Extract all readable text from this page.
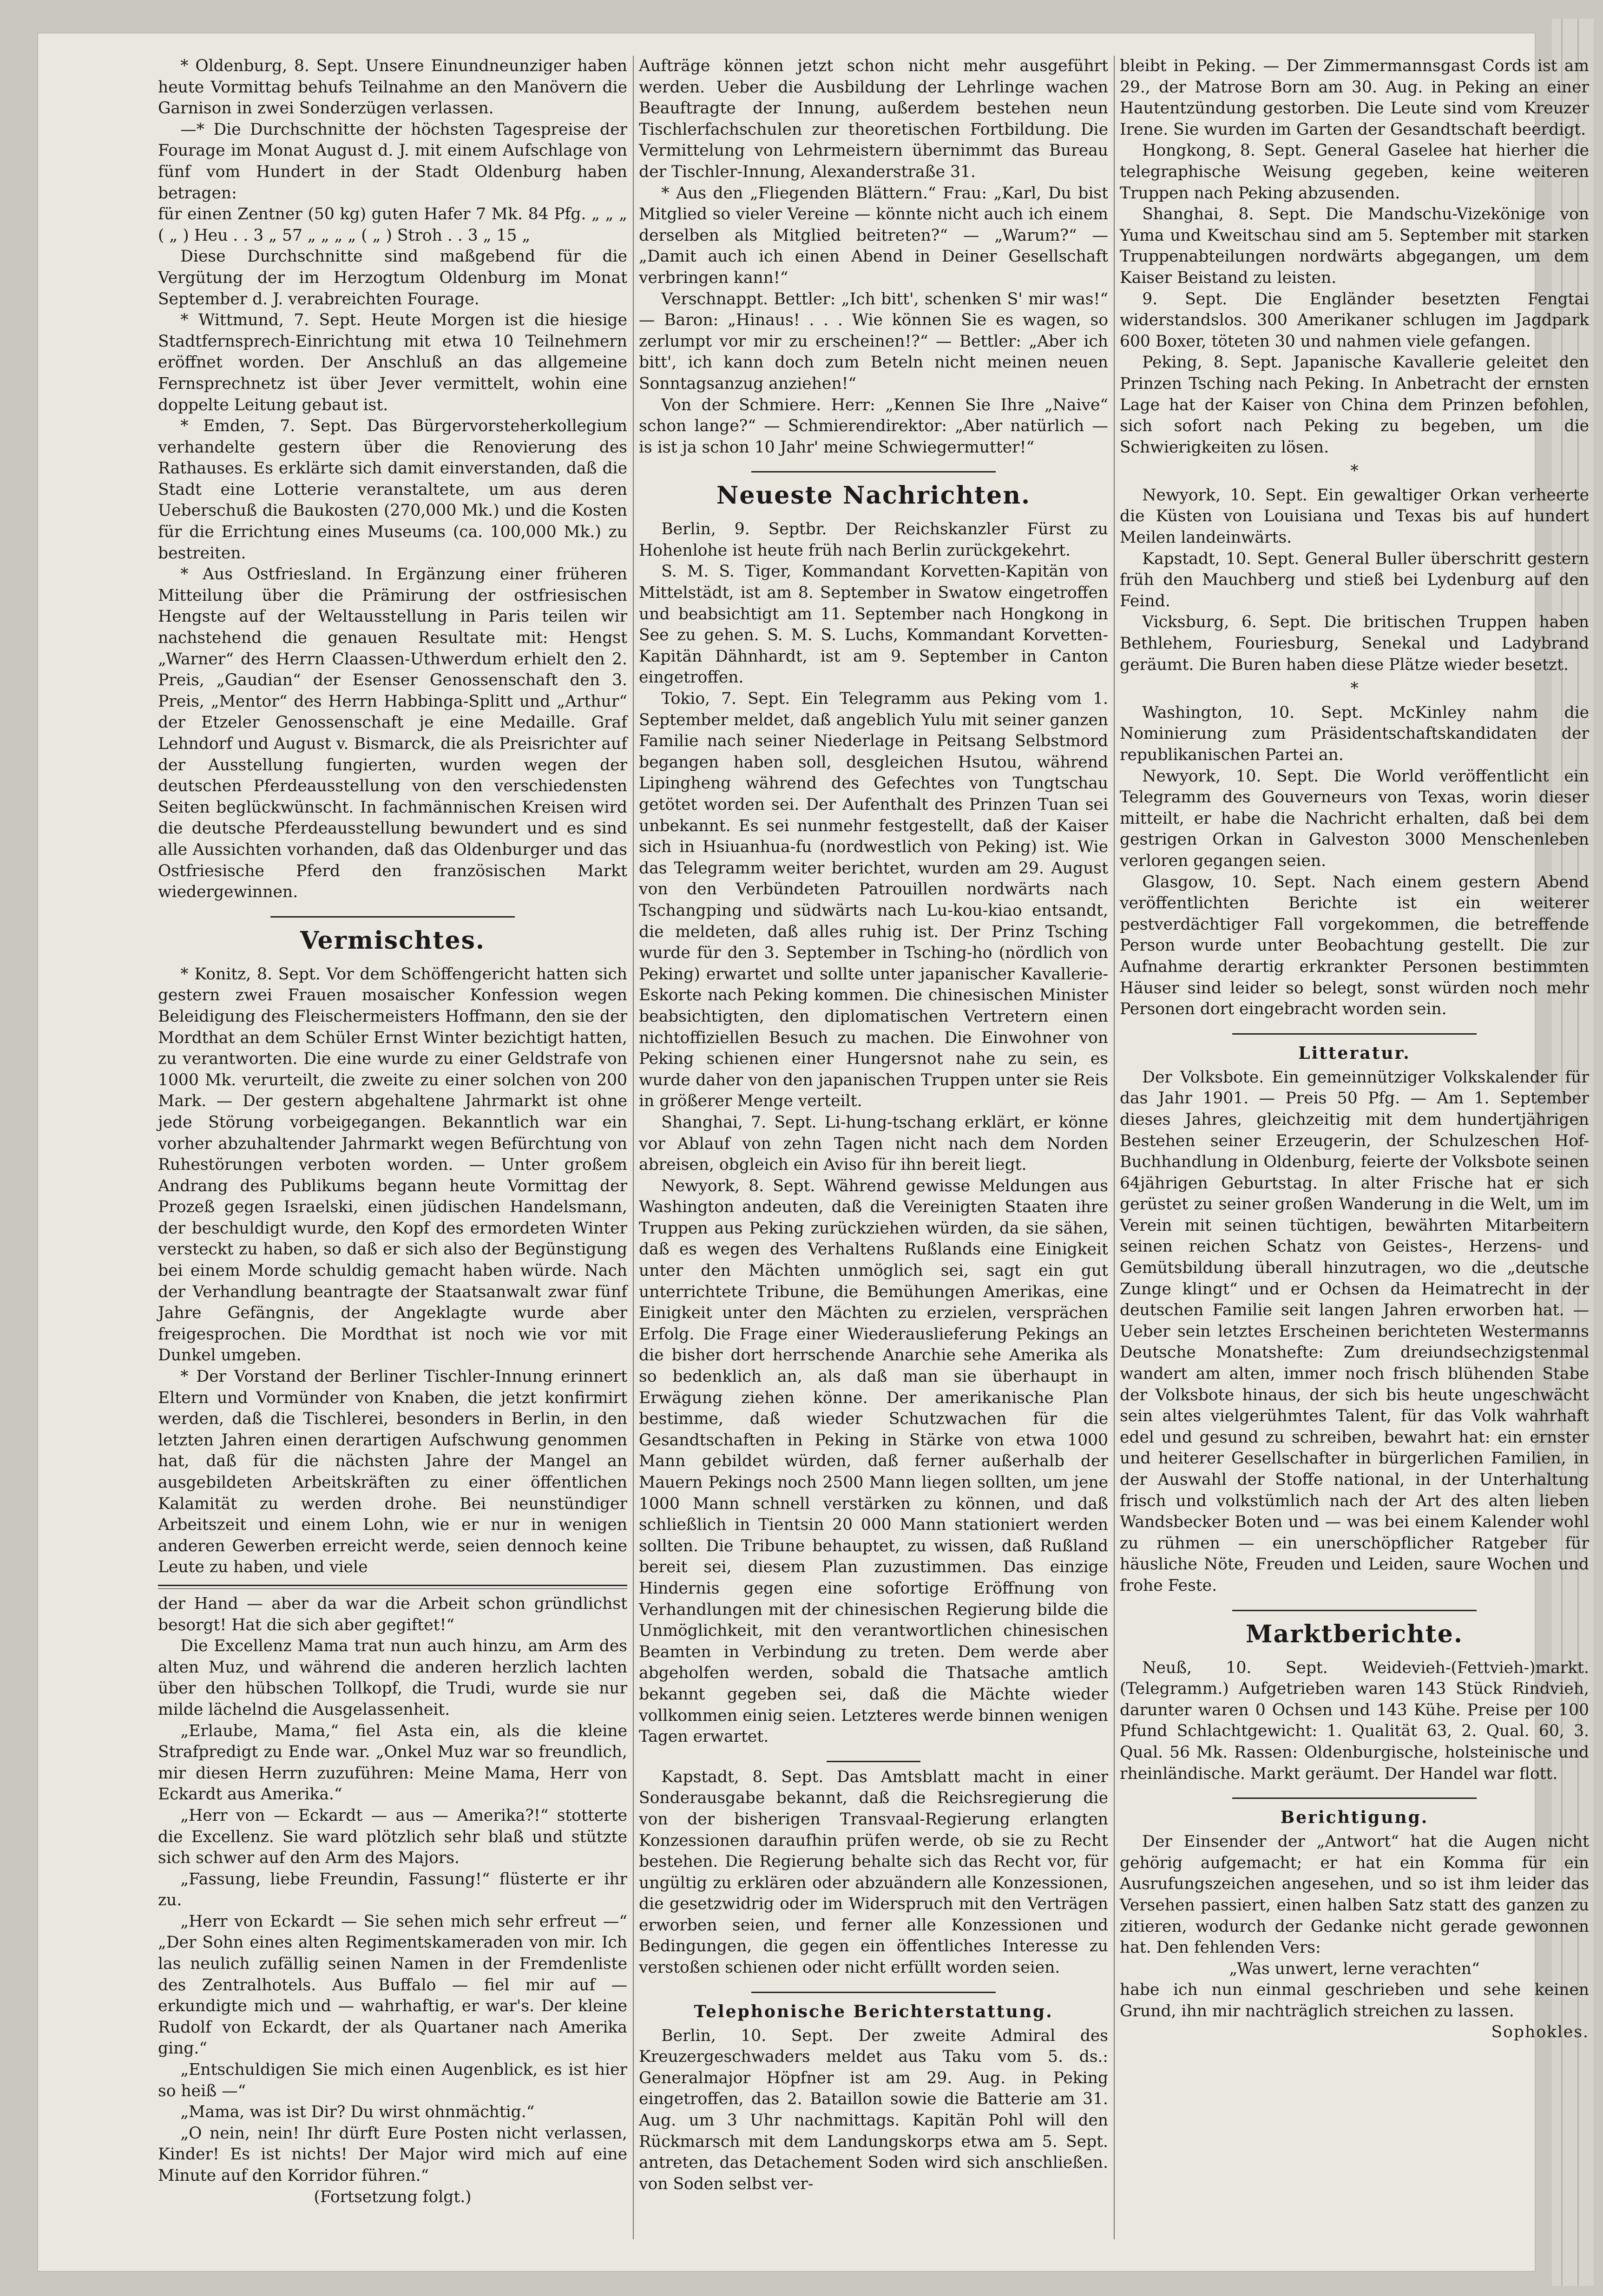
* Oldenburg, 8. Sept. Unsere Einundneunziger haben heute Vormittag behufs Teilnahme an den Manövern die Garnison in zwei Sonderzügen verlassen.

—* Die Durchschnitte der höchsten Tagespreise der Fourage im Monat August d. J. mit einem Aufschlage von fünf vom Hundert in der Stadt Oldenburg haben betragen:

für einen Zentner (50 kg) guten Hafer 7 Mk. 84 Pfg. „ „ „ ( „ ) Heu . . 3 „ 57 „ „ „ „ ( „ ) Stroh . . 3 „ 15 „

Diese Durchschnitte sind maßgebend für die Vergütung der im Herzogtum Oldenburg im Monat September d. J. verabreichten Fourage.

* Wittmund, 7. Sept. Heute Morgen ist die hiesige Stadtfernsprech-Einrichtung mit etwa 10 Teilnehmern eröffnet worden. Der Anschluß an das allgemeine Fernsprechnetz ist über Jever vermittelt, wohin eine doppelte Leitung gebaut ist.

* Emden, 7. Sept. Das Bürgervorsteherkollegium verhandelte gestern über die Renovierung des Rathauses. Es erklärte sich damit einverstanden, daß die Stadt eine Lotterie veranstaltete, um aus deren Ueberschuß die Baukosten (270,000 Mk.) und die Kosten für die Errichtung eines Museums (ca. 100,000 Mk.) zu bestreiten.

* Aus Ostfriesland. In Ergänzung einer früheren Mitteilung über die Prämirung der ostfriesischen Hengste auf der Weltausstellung in Paris teilen wir nachstehend die genauen Resultate mit: Hengst „Warner“ des Herrn Claassen-Uthwerdum erhielt den 2. Preis, „Gaudian“ der Esenser Genossenschaft den 3. Preis, „Mentor“ des Herrn Habbinga-Splitt und „Arthur“ der Etzeler Genossenschaft je eine Medaille. Graf Lehndorf und August v. Bismarck, die als Preisrichter auf der Ausstellung fungierten, wurden wegen der deutschen Pferdeausstellung von den verschiedensten Seiten beglückwünscht. In fachmännischen Kreisen wird die deutsche Pferdeausstellung bewundert und es sind alle Aussichten vorhanden, daß das Oldenburger und das Ostfriesische Pferd den französischen Markt wiedergewinnen.

Vermischtes.

* Konitz, 8. Sept. Vor dem Schöffengericht hatten sich gestern zwei Frauen mosaischer Konfession wegen Beleidigung des Fleischermeisters Hoffmann, den sie der Mordthat an dem Schüler Ernst Winter bezichtigt hatten, zu verantworten. Die eine wurde zu einer Geldstrafe von 1000 Mk. verurteilt, die zweite zu einer solchen von 200 Mark. — Der gestern abgehaltene Jahrmarkt ist ohne jede Störung vorbeigegangen. Bekanntlich war ein vorher abzuhaltender Jahrmarkt wegen Befürchtung von Ruhestörungen verboten worden. — Unter großem Andrang des Publikums begann heute Vormittag der Prozeß gegen Israelski, einen jüdischen Handelsmann, der beschuldigt wurde, den Kopf des ermordeten Winter versteckt zu haben, so daß er sich also der Begünstigung bei einem Morde schuldig gemacht haben würde. Nach der Verhandlung beantragte der Staatsanwalt zwar fünf Jahre Gefängnis, der Angeklagte wurde aber freigesprochen. Die Mordthat ist noch wie vor mit Dunkel umgeben.

* Der Vorstand der Berliner Tischler-Innung erinnert Eltern und Vormünder von Knaben, die jetzt konfirmirt werden, daß die Tischlerei, besonders in Berlin, in den letzten Jahren einen derartigen Aufschwung genommen hat, daß für die nächsten Jahre der Mangel an ausgebildeten Arbeitskräften zu einer öffentlichen Kalamität zu werden drohe. Bei neunstündiger Arbeitszeit und einem Lohn, wie er nur in wenigen anderen Gewerben erreicht werde, seien dennoch keine Leute zu haben, und viele

der Hand — aber da war die Arbeit schon gründlichst besorgt! Hat die sich aber gegiftet!“

Die Excellenz Mama trat nun auch hinzu, am Arm des alten Muz, und während die anderen herzlich lachten über den hübschen Tollkopf, die Trudi, wurde sie nur milde lächelnd die Ausgelassenheit.

„Erlaube, Mama,“ fiel Asta ein, als die kleine Strafpredigt zu Ende war. „Onkel Muz war so freundlich, mir diesen Herrn zuzuführen: Meine Mama, Herr von Eckardt aus Amerika.“

„Herr von — Eckardt — aus — Amerika?!“ stotterte die Excellenz. Sie ward plötzlich sehr blaß und stützte sich schwer auf den Arm des Majors.

„Fassung, liebe Freundin, Fassung!“ flüsterte er ihr zu.

„Herr von Eckardt — Sie sehen mich sehr erfreut —“ „Der Sohn eines alten Regimentskameraden von mir. Ich las neulich zufällig seinen Namen in der Fremdenliste des Zentralhotels. Aus Buffalo — fiel mir auf — erkundigte mich und — wahrhaftig, er war's. Der kleine Rudolf von Eckardt, der als Quartaner nach Amerika ging.“

„Entschuldigen Sie mich einen Augenblick, es ist hier so heiß —“

„Mama, was ist Dir? Du wirst ohnmächtig.“

„O nein, nein! Ihr dürft Eure Posten nicht verlassen, Kinder! Es ist nichts! Der Major wird mich auf eine Minute auf den Korridor führen.“

(Fortsetzung folgt.)

Aufträge können jetzt schon nicht mehr ausgeführt werden. Ueber die Ausbildung der Lehrlinge wachen Beauftragte der Innung, außerdem bestehen neun Tischlerfachschulen zur theoretischen Fortbildung. Die Vermittelung von Lehrmeistern übernimmt das Bureau der Tischler-Innung, Alexanderstraße 31.

* Aus den „Fliegenden Blättern.“ Frau: „Karl, Du bist Mitglied so vieler Vereine — könnte nicht auch ich einem derselben als Mitglied beitreten?“ — „Warum?“ — „Damit auch ich einen Abend in Deiner Gesellschaft verbringen kann!“

Verschnappt. Bettler: „Ich bitt', schenken S' mir was!“ — Baron: „Hinaus! . . . Wie können Sie es wagen, so zerlumpt vor mir zu erscheinen!?“ — Bettler: „Aber ich bitt', ich kann doch zum Beteln nicht meinen neuen Sonntagsanzug anziehen!“

Von der Schmiere. Herr: „Kennen Sie Ihre „Naive“ schon lange?“ — Schmierendirektor: „Aber natürlich — is ist ja schon 10 Jahr' meine Schwiegermutter!“

Neueste Nachrichten.

Berlin, 9. Septbr. Der Reichskanzler Fürst zu Hohenlohe ist heute früh nach Berlin zurückgekehrt.

S. M. S. Tiger, Kommandant Korvetten-Kapitän von Mittelstädt, ist am 8. September in Swatow eingetroffen und beabsichtigt am 11. September nach Hongkong in See zu gehen. S. M. S. Luchs, Kommandant Korvetten-Kapitän Dähnhardt, ist am 9. September in Canton eingetroffen.

Tokio, 7. Sept. Ein Telegramm aus Peking vom 1. September meldet, daß angeblich Yulu mit seiner ganzen Familie nach seiner Niederlage in Peitsang Selbstmord begangen haben soll, desgleichen Hsutou, während Lipingheng während des Gefechtes von Tungtschau getötet worden sei. Der Aufenthalt des Prinzen Tuan sei unbekannt. Es sei nunmehr festgestellt, daß der Kaiser sich in Hsiuanhua-fu (nordwestlich von Peking) ist. Wie das Telegramm weiter berichtet, wurden am 29. August von den Verbündeten Patrouillen nordwärts nach Tschangping und südwärts nach Lu-kou-kiao entsandt, die meldeten, daß alles ruhig ist. Der Prinz Tsching wurde für den 3. September in Tsching-ho (nördlich von Peking) erwartet und sollte unter japanischer Kavallerie-Eskorte nach Peking kommen. Die chinesischen Minister beabsichtigten, den diplomatischen Vertretern einen nichtoffiziellen Besuch zu machen. Die Einwohner von Peking schienen einer Hungersnot nahe zu sein, es wurde daher von den japanischen Truppen unter sie Reis in größerer Menge verteilt.

Shanghai, 7. Sept. Li-hung-tschang erklärt, er könne vor Ablauf von zehn Tagen nicht nach dem Norden abreisen, obgleich ein Aviso für ihn bereit liegt.

Newyork, 8. Sept. Während gewisse Meldungen aus Washington andeuten, daß die Vereinigten Staaten ihre Truppen aus Peking zurückziehen würden, da sie sähen, daß es wegen des Verhaltens Rußlands eine Einigkeit unter den Mächten unmöglich sei, sagt ein gut unterrichtete Tribune, die Bemühungen Amerikas, eine Einigkeit unter den Mächten zu erzielen, versprächen Erfolg. Die Frage einer Wiederauslieferung Pekings an die bisher dort herrschende Anarchie sehe Amerika als so bedenklich an, als daß man sie überhaupt in Erwägung ziehen könne. Der amerikanische Plan bestimme, daß wieder Schutzwachen für die Gesandtschaften in Peking in Stärke von etwa 1000 Mann gebildet würden, daß ferner außerhalb der Mauern Pekings noch 2500 Mann liegen sollten, um jene 1000 Mann schnell verstärken zu können, und daß schließlich in Tientsin 20 000 Mann stationiert werden sollten. Die Tribune behauptet, zu wissen, daß Rußland bereit sei, diesem Plan zuzustimmen. Das einzige Hindernis gegen eine sofortige Eröffnung von Verhandlungen mit der chinesischen Regierung bilde die Unmöglichkeit, mit den verantwortlichen chinesischen Beamten in Verbindung zu treten. Dem werde aber abgeholfen werden, sobald die Thatsache amtlich bekannt gegeben sei, daß die Mächte wieder vollkommen einig seien. Letzteres werde binnen wenigen Tagen erwartet.

Kapstadt, 8. Sept. Das Amtsblatt macht in einer Sonderausgabe bekannt, daß die Reichsregierung die von der bisherigen Transvaal-Regierung erlangten Konzessionen daraufhin prüfen werde, ob sie zu Recht bestehen. Die Regierung behalte sich das Recht vor, für ungültig zu erklären oder abzuändern alle Konzessionen, die gesetzwidrig oder im Widerspruch mit den Verträgen erworben seien, und ferner alle Konzessionen und Bedingungen, die gegen ein öffentliches Interesse zu verstoßen schienen oder nicht erfüllt worden seien.

Telephonische Berichterstattung.

Berlin, 10. Sept. Der zweite Admiral des Kreuzergeschwaders meldet aus Taku vom 5. ds.: Generalmajor Höpfner ist am 29. Aug. in Peking eingetroffen, das 2. Bataillon sowie die Batterie am 31. Aug. um 3 Uhr nachmittags. Kapitän Pohl will den Rückmarsch mit dem Landungskorps etwa am 5. Sept. antreten, das Detachement Soden wird sich anschließen. von Soden selbst ver-

bleibt in Peking. — Der Zimmermannsgast Cords ist am 29., der Matrose Born am 30. Aug. in Peking an einer Hautentzündung gestorben. Die Leute sind vom Kreuzer Irene. Sie wurden im Garten der Gesandtschaft beerdigt.

Hongkong, 8. Sept. General Gaselee hat hierher die telegraphische Weisung gegeben, keine weiteren Truppen nach Peking abzusenden.

Shanghai, 8. Sept. Die Mandschu-Vizekönige von Yuma und Kweitschau sind am 5. September mit starken Truppenabteilungen nordwärts abgegangen, um dem Kaiser Beistand zu leisten.

9. Sept. Die Engländer besetzten Fengtai widerstandslos. 300 Amerikaner schlugen im Jagdpark 600 Boxer, töteten 30 und nahmen viele gefangen.

Peking, 8. Sept. Japanische Kavallerie geleitet den Prinzen Tsching nach Peking. In Anbetracht der ernsten Lage hat der Kaiser von China dem Prinzen befohlen, sich sofort nach Peking zu begeben, um die Schwierigkeiten zu lösen.

*

Newyork, 10. Sept. Ein gewaltiger Orkan verheerte die Küsten von Louisiana und Texas bis auf hundert Meilen landeinwärts.

Kapstadt, 10. Sept. General Buller überschritt gestern früh den Mauchberg und stieß bei Lydenburg auf den Feind.

Vicksburg, 6. Sept. Die britischen Truppen haben Bethlehem, Fouriesburg, Senekal und Ladybrand geräumt. Die Buren haben diese Plätze wieder besetzt.

*

Washington, 10. Sept. McKinley nahm die Nominierung zum Präsidentschaftskandidaten der republikanischen Partei an.

Newyork, 10. Sept. Die World veröffentlicht ein Telegramm des Gouverneurs von Texas, worin dieser mitteilt, er habe die Nachricht erhalten, daß bei dem gestrigen Orkan in Galveston 3000 Menschenleben verloren gegangen seien.

Glasgow, 10. Sept. Nach einem gestern Abend veröffentlichten Berichte ist ein weiterer pestverdächtiger Fall vorgekommen, die betreffende Person wurde unter Beobachtung gestellt. Die zur Aufnahme derartig erkrankter Personen bestimmten Häuser sind leider so belegt, sonst würden noch mehr Personen dort eingebracht worden sein.

Litteratur.

Der Volksbote. Ein gemeinnütziger Volkskalender für das Jahr 1901. — Preis 50 Pfg. — Am 1. September dieses Jahres, gleichzeitig mit dem hundertjährigen Bestehen seiner Erzeugerin, der Schulzeschen Hof-Buchhandlung in Oldenburg, feierte der Volksbote seinen 64jährigen Geburtstag. In alter Frische hat er sich gerüstet zu seiner großen Wanderung in die Welt, um im Verein mit seinen tüchtigen, bewährten Mitarbeitern seinen reichen Schatz von Geistes-, Herzens- und Gemütsbildung überall hinzutragen, wo die „deutsche Zunge klingt“ und er Ochsen da Heimatrecht in der deutschen Familie seit langen Jahren erworben hat. — Ueber sein letztes Erscheinen berichteten Westermanns Deutsche Monatshefte: Zum dreiundsechzigstenmal wandert am alten, immer noch frisch blühenden Stabe der Volksbote hinaus, der sich bis heute ungeschwächt sein altes vielgerühmtes Talent, für das Volk wahrhaft edel und gesund zu schreiben, bewahrt hat: ein ernster und heiterer Gesellschafter in bürgerlichen Familien, in der Auswahl der Stoffe national, in der Unterhaltung frisch und volkstümlich nach der Art des alten lieben Wandsbecker Boten und — was bei einem Kalender wohl zu rühmen — ein unerschöpflicher Ratgeber für häusliche Nöte, Freuden und Leiden, saure Wochen und frohe Feste.

Marktberichte.

Neuß, 10. Sept. Weidevieh-(Fettvieh-)markt. (Telegramm.) Aufgetrieben waren 143 Stück Rindvieh, darunter waren 0 Ochsen und 143 Kühe. Preise per 100 Pfund Schlachtgewicht: 1. Qualität 63, 2. Qual. 60, 3. Qual. 56 Mk. Rassen: Oldenburgische, holsteinische und rheinländische. Markt geräumt. Der Handel war flott.

Berichtigung.

Der Einsender der „Antwort“ hat die Augen nicht gehörig aufgemacht; er hat ein Komma für ein Ausrufungszeichen angesehen, und so ist ihm leider das Versehen passiert, einen halben Satz statt des ganzen zu zitieren, wodurch der Gedanke nicht gerade gewonnen hat. Den fehlenden Vers:

„Was unwert, lerne verachten“

habe ich nun einmal geschrieben und sehe keinen Grund, ihn mir nachträglich streichen zu lassen.

Sophokles.
